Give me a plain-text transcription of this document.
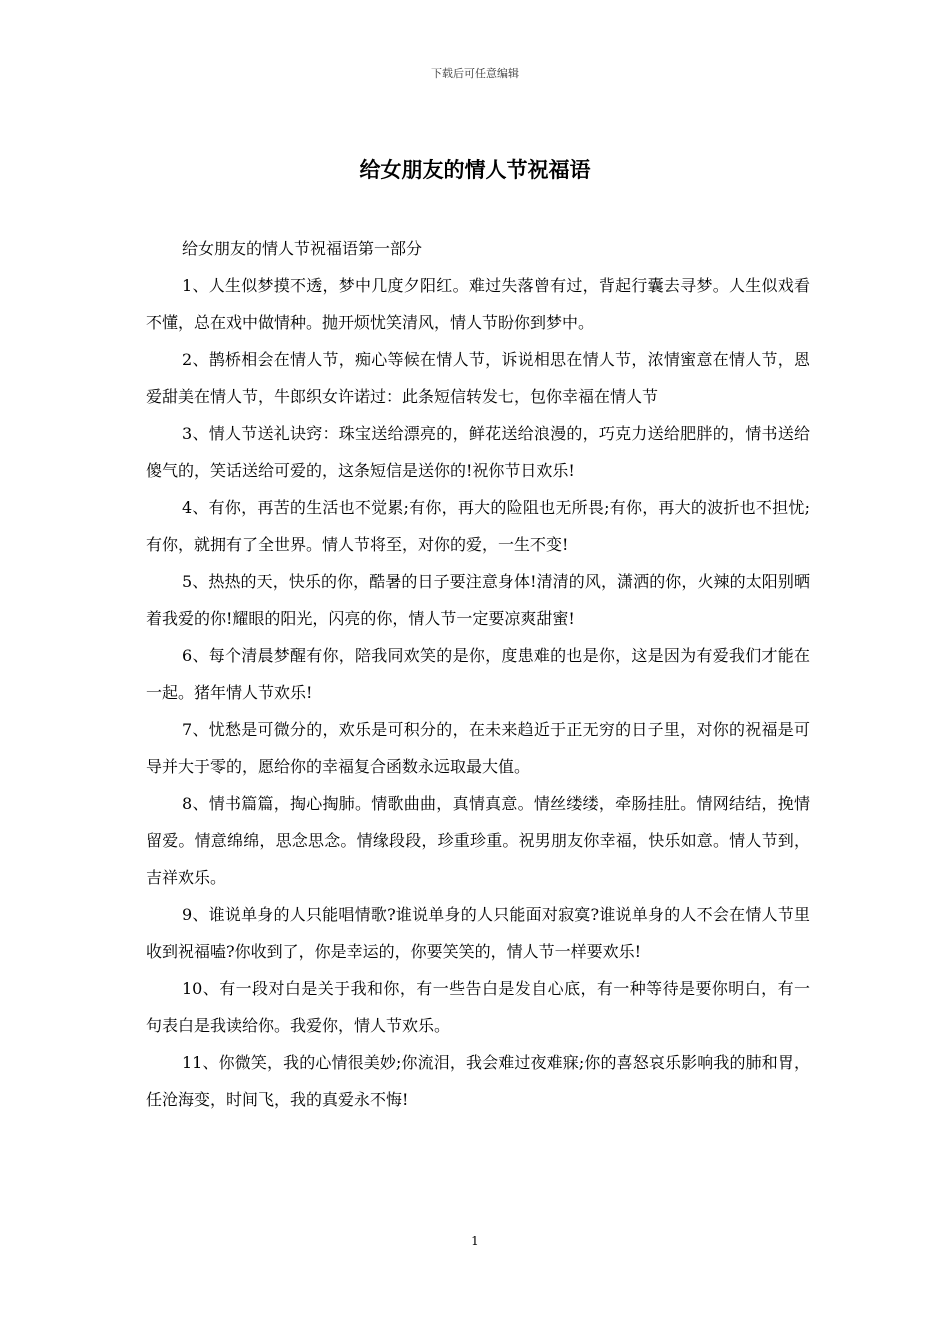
下载后可任意编辑
给女朋友的情人节祝福语

给女朋友的情人节祝福语第一部分

1、人生似梦摸不透，梦中几度夕阳红。难过失落曾有过，背起行囊去寻梦。人生似戏看不懂，总在戏中做情种。抛开烦忧笑清风，情人节盼你到梦中。

2、鹊桥相会在情人节，痴心等候在情人节，诉说相思在情人节，浓情蜜意在情人节，恩爱甜美在情人节，牛郎织女许诺过：此条短信转发七，包你幸福在情人节

3、情人节送礼诀窍：珠宝送给漂亮的，鲜花送给浪漫的，巧克力送给肥胖的，情书送给傻气的，笑话送给可爱的，这条短信是送你的!祝你节日欢乐!

4、有你，再苦的生活也不觉累;有你，再大的险阻也无所畏;有你，再大的波折也不担忧;有你，就拥有了全世界。情人节将至，对你的爱，一生不变!

5、热热的天，快乐的你，酷暑的日子要注意身体!清清的风，潇洒的你，火辣的太阳别晒着我爱的你!耀眼的阳光，闪亮的你，情人节一定要凉爽甜蜜!

6、每个清晨梦醒有你，陪我同欢笑的是你，度患难的也是你，这是因为有爱我们才能在一起。猪年情人节欢乐!

7、忧愁是可微分的，欢乐是可积分的，在未来趋近于正无穷的日子里，对你的祝福是可导并大于零的，愿给你的幸福复合函数永远取最大值。

8、情书篇篇，掏心掏肺。情歌曲曲，真情真意。情丝缕缕，牵肠挂肚。情网结结，挽情留爱。情意绵绵，思念思念。情缘段段，珍重珍重。祝男朋友你幸福，快乐如意。情人节到，吉祥欢乐。

9、谁说单身的人只能唱情歌?谁说单身的人只能面对寂寞?谁说单身的人不会在情人节里收到祝福嗑?你收到了，你是幸运的，你要笑笑的，情人节一样要欢乐!

10、有一段对白是关于我和你，有一些告白是发自心底，有一种等待是要你明白，有一句表白是我读给你。我爱你，情人节欢乐。

11、你微笑，我的心情很美妙;你流泪，我会难过夜难寐;你的喜怒哀乐影响我的肺和胃，任沧海变，时间飞，我的真爱永不悔!

1
